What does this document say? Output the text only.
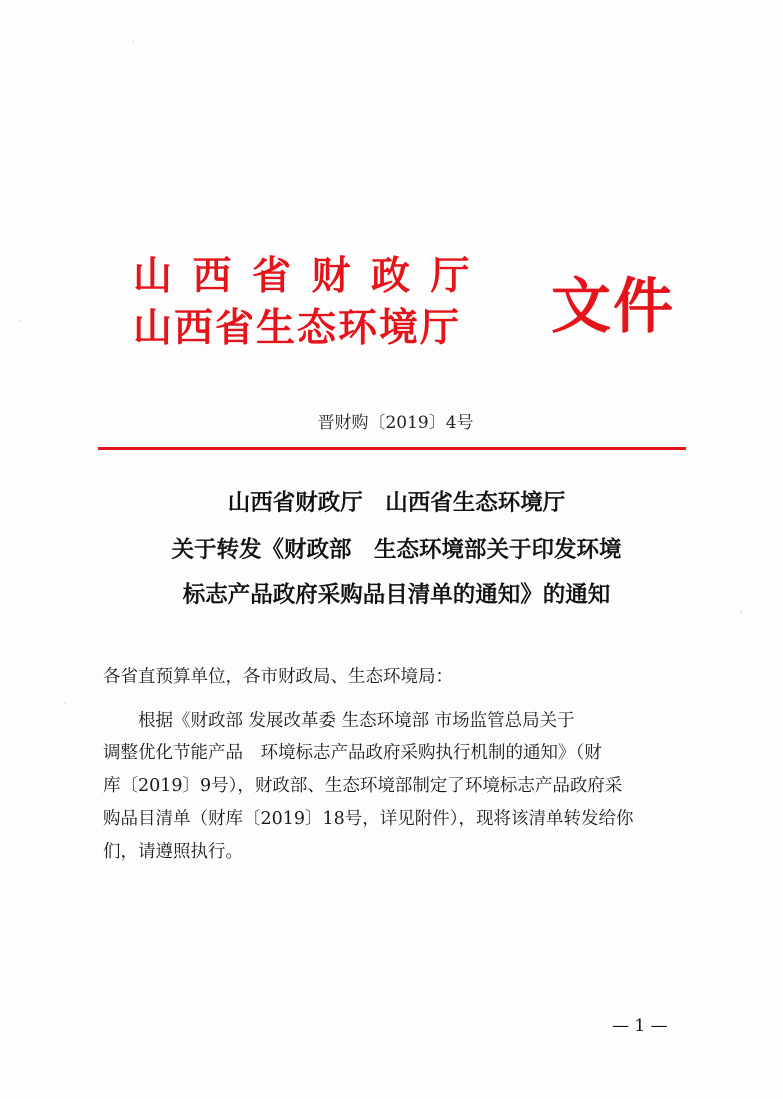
山西省财政厅
山西省生态环境厅 文件
晋财购〔2019〕4号
山西省财政厅　山西省生态环境厅
关于转发《财政部　生态环境部关于印发环境
标志产品政府采购品目清单的通知》的通知
各省直预算单位，各市财政局、生态环境局：
　　根据《财政部 发展改革委 生态环境部 市场监管总局关于
调整优化节能产品　环境标志产品政府采购执行机制的通知》（财
库〔2019〕9号），财政部、生态环境部制定了环境标志产品政府采
购品目清单（财库〔2019〕18号，详见附件），现将该清单转发给你
们，请遵照执行。
— 1 —
